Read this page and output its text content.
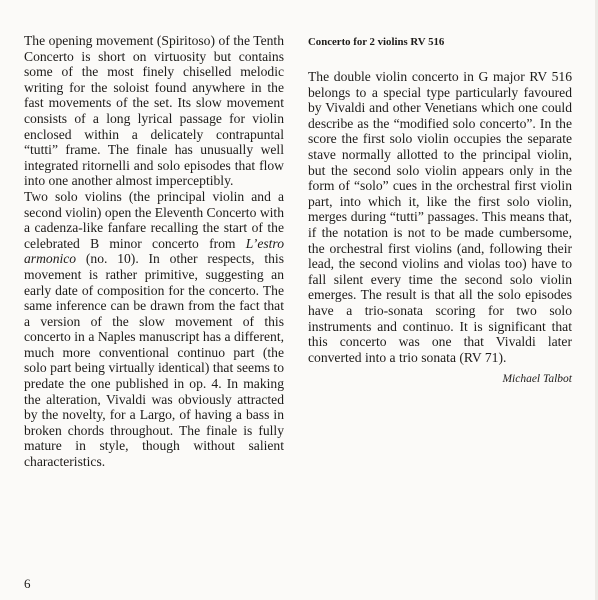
The opening movement (Spiritoso) of the Tenth Concerto is short on virtuosity but contains some of the most finely chiselled melodic writing for the soloist found anywhere in the fast movements of the set. Its slow movement consists of a long lyrical passage for violin enclosed within a delicately contrapuntal “tutti” frame. The finale has unusually well integrated ritornelli and solo episodes that flow into one another almost imperceptibly.

Two solo violins (the principal violin and a second violin) open the Eleventh Concerto with a cadenza-like fanfare recalling the start of the celebrated B minor concerto from L’estro armonico (no. 10). In other respects, this movement is rather primitive, suggesting an early date of composition for the concerto. The same inference can be drawn from the fact that a version of the slow movement of this concerto in a Naples manuscript has a different, much more conventional continuo part (the solo part being virtually identical) that seems to predate the one published in op. 4. In making the alteration, Vivaldi was obviously attracted by the novelty, for a Largo, of having a bass in broken chords throughout. The finale is fully mature in style, though without salient characteristics.

Concerto for 2 violins RV 516

The double violin concerto in G major RV 516 belongs to a special type particularly favoured by Vivaldi and other Venetians which one could describe as the “modified solo concerto”. In the score the first solo violin occupies the separate stave normally allotted to the principal violin, but the second solo violin appears only in the form of “solo” cues in the orchestral first violin part, into which it, like the first solo violin, merges during “tutti” passages. This means that, if the notation is not to be made cumbersome, the orchestral first violins (and, following their lead, the second violins and violas too) have to fall silent every time the second solo violin emerges. The result is that all the solo episodes have a trio-sonata scoring for two solo instruments and continuo. It is significant that this concerto was one that Vivaldi later converted into a trio sonata (RV 71).

Michael Talbot
6
